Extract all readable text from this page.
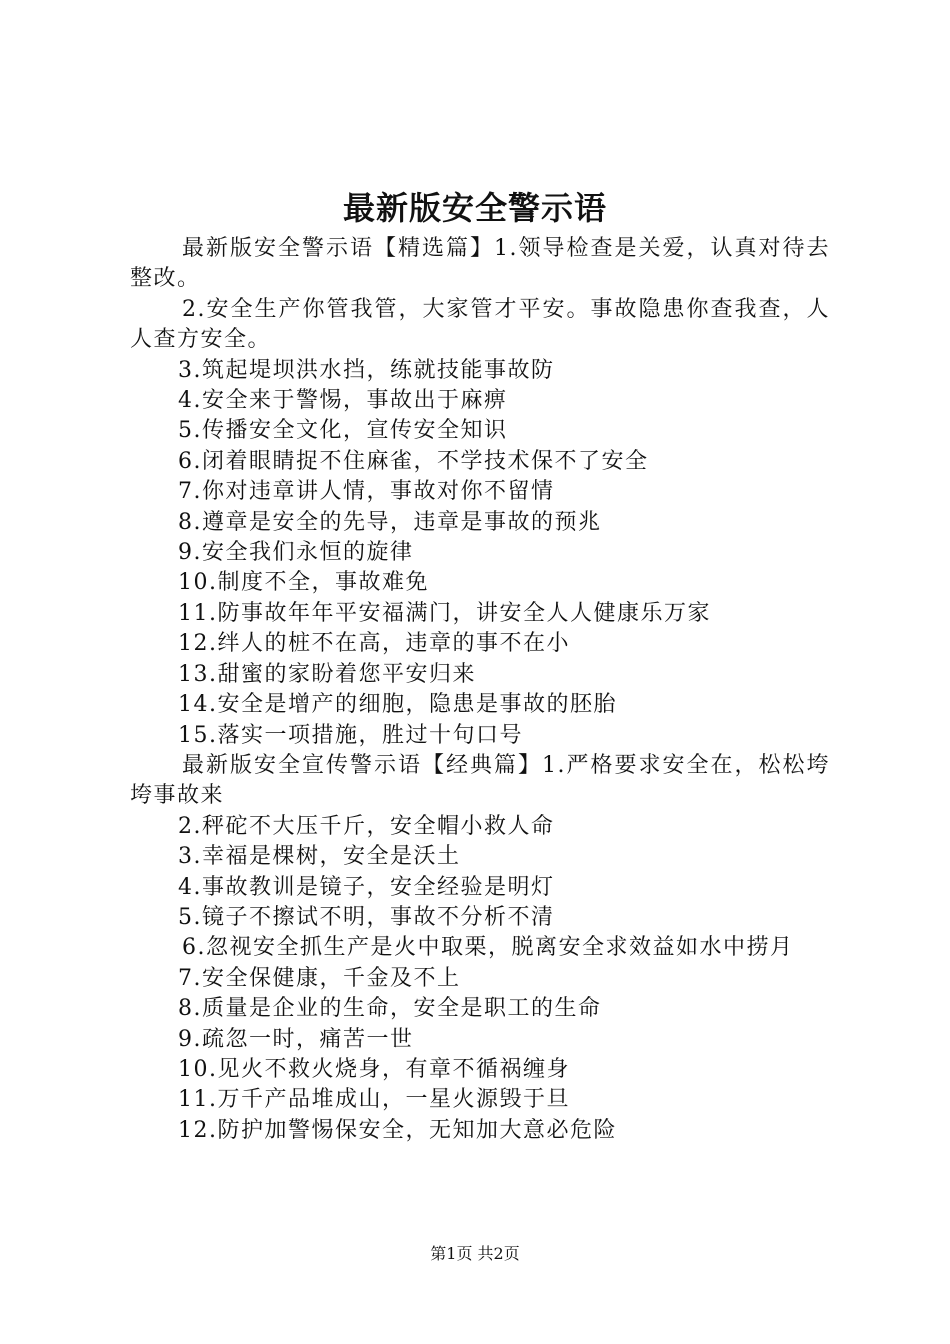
最新版安全警示语

最新版安全警示语【精选篇】1.领导检查是关爱，认真对待去整改。

2.安全生产你管我管，大家管才平安。事故隐患你查我查，人人查方安全。

3.筑起堤坝洪水挡，练就技能事故防

4.安全来于警惕，事故出于麻痹

5.传播安全文化，宣传安全知识

6.闭着眼睛捉不住麻雀，不学技术保不了安全

7.你对违章讲人情，事故对你不留情

8.遵章是安全的先导，违章是事故的预兆

9.安全我们永恒的旋律

10.制度不全，事故难免

11.防事故年年平安福满门，讲安全人人健康乐万家

12.绊人的桩不在高，违章的事不在小

13.甜蜜的家盼着您平安归来

14.安全是增产的细胞，隐患是事故的胚胎

15.落实一项措施，胜过十句口号

最新版安全宣传警示语【经典篇】1.严格要求安全在，松松垮垮事故来

2.秤砣不大压千斤，安全帽小救人命

3.幸福是棵树，安全是沃土

4.事故教训是镜子，安全经验是明灯

5.镜子不擦试不明，事故不分析不清

6.忽视安全抓生产是火中取栗，脱离安全求效益如水中捞月

7.安全保健康，千金及不上

8.质量是企业的生命，安全是职工的生命

9.疏忽一时，痛苦一世

10.见火不救火烧身，有章不循祸缠身

11.万千产品堆成山，一星火源毁于旦

12.防护加警惕保安全，无知加大意必危险

第1页 共2页
